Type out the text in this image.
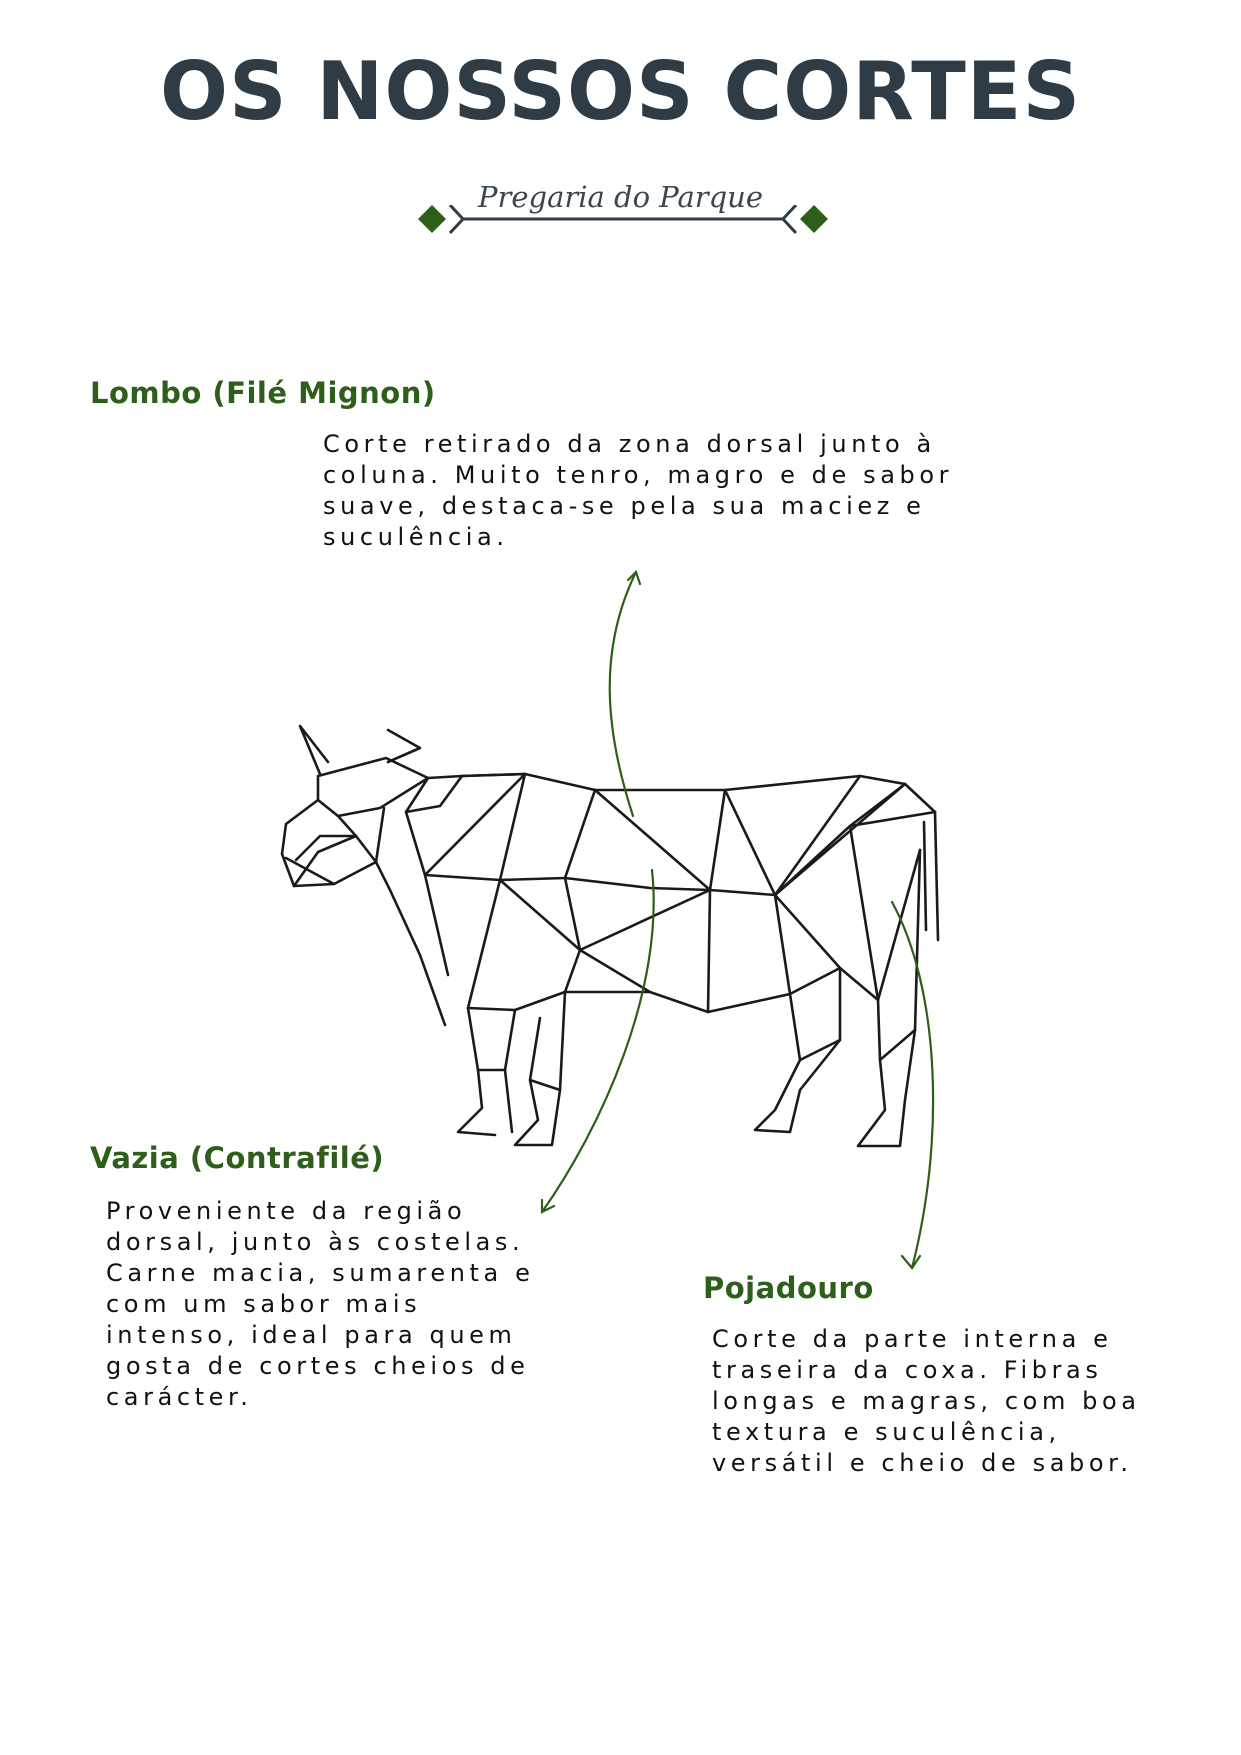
OS NOSSOS CORTES
Pregaria do Parque
Lombo (Filé Mignon)

Corte retirado da zona dorsal junto à coluna. Muito tenro, magro e de sabor suave, destaca-se pela sua maciez e suculência.

Vazia (Contrafilé)

Proveniente da região dorsal, junto às costelas. Carne macia, sumarenta e com um sabor mais intenso, ideal para quem gosta de cortes cheios de carácter.

Pojadouro

Corte da parte interna e traseira da coxa. Fibras longas e magras, com boa textura e suculência, versátil e cheio de sabor.
